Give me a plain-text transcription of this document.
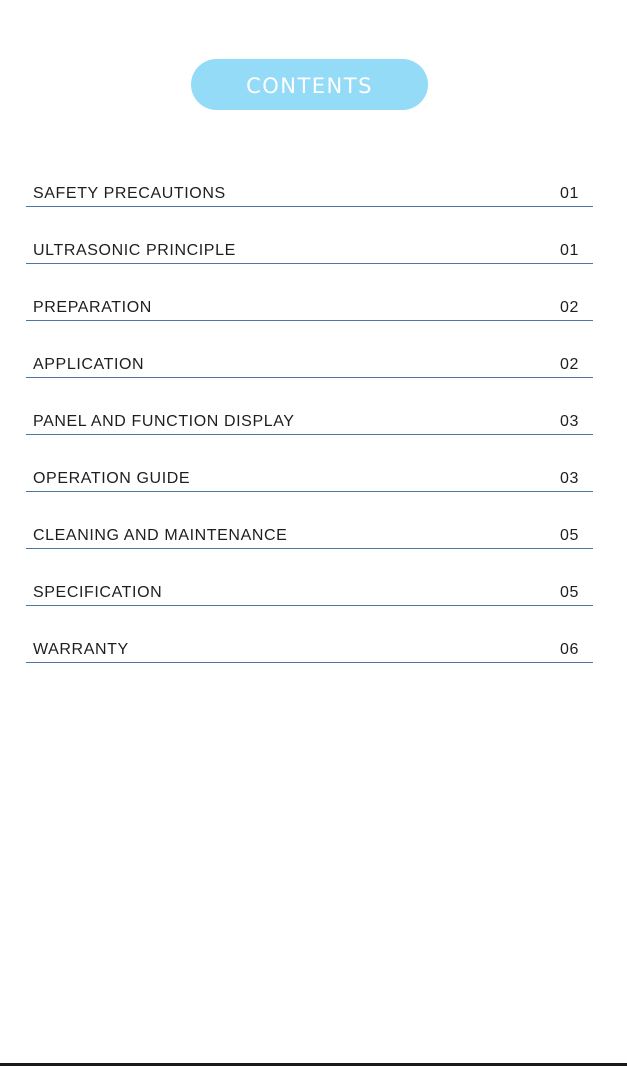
CONTENTS
SAFETY PRECAUTIONS	01
ULTRASONIC PRINCIPLE	01
PREPARATION	02
APPLICATION	02
PANEL AND FUNCTION DISPLAY	03
OPERATION GUIDE	03
CLEANING AND MAINTENANCE	05
SPECIFICATION	05
WARRANTY	06
